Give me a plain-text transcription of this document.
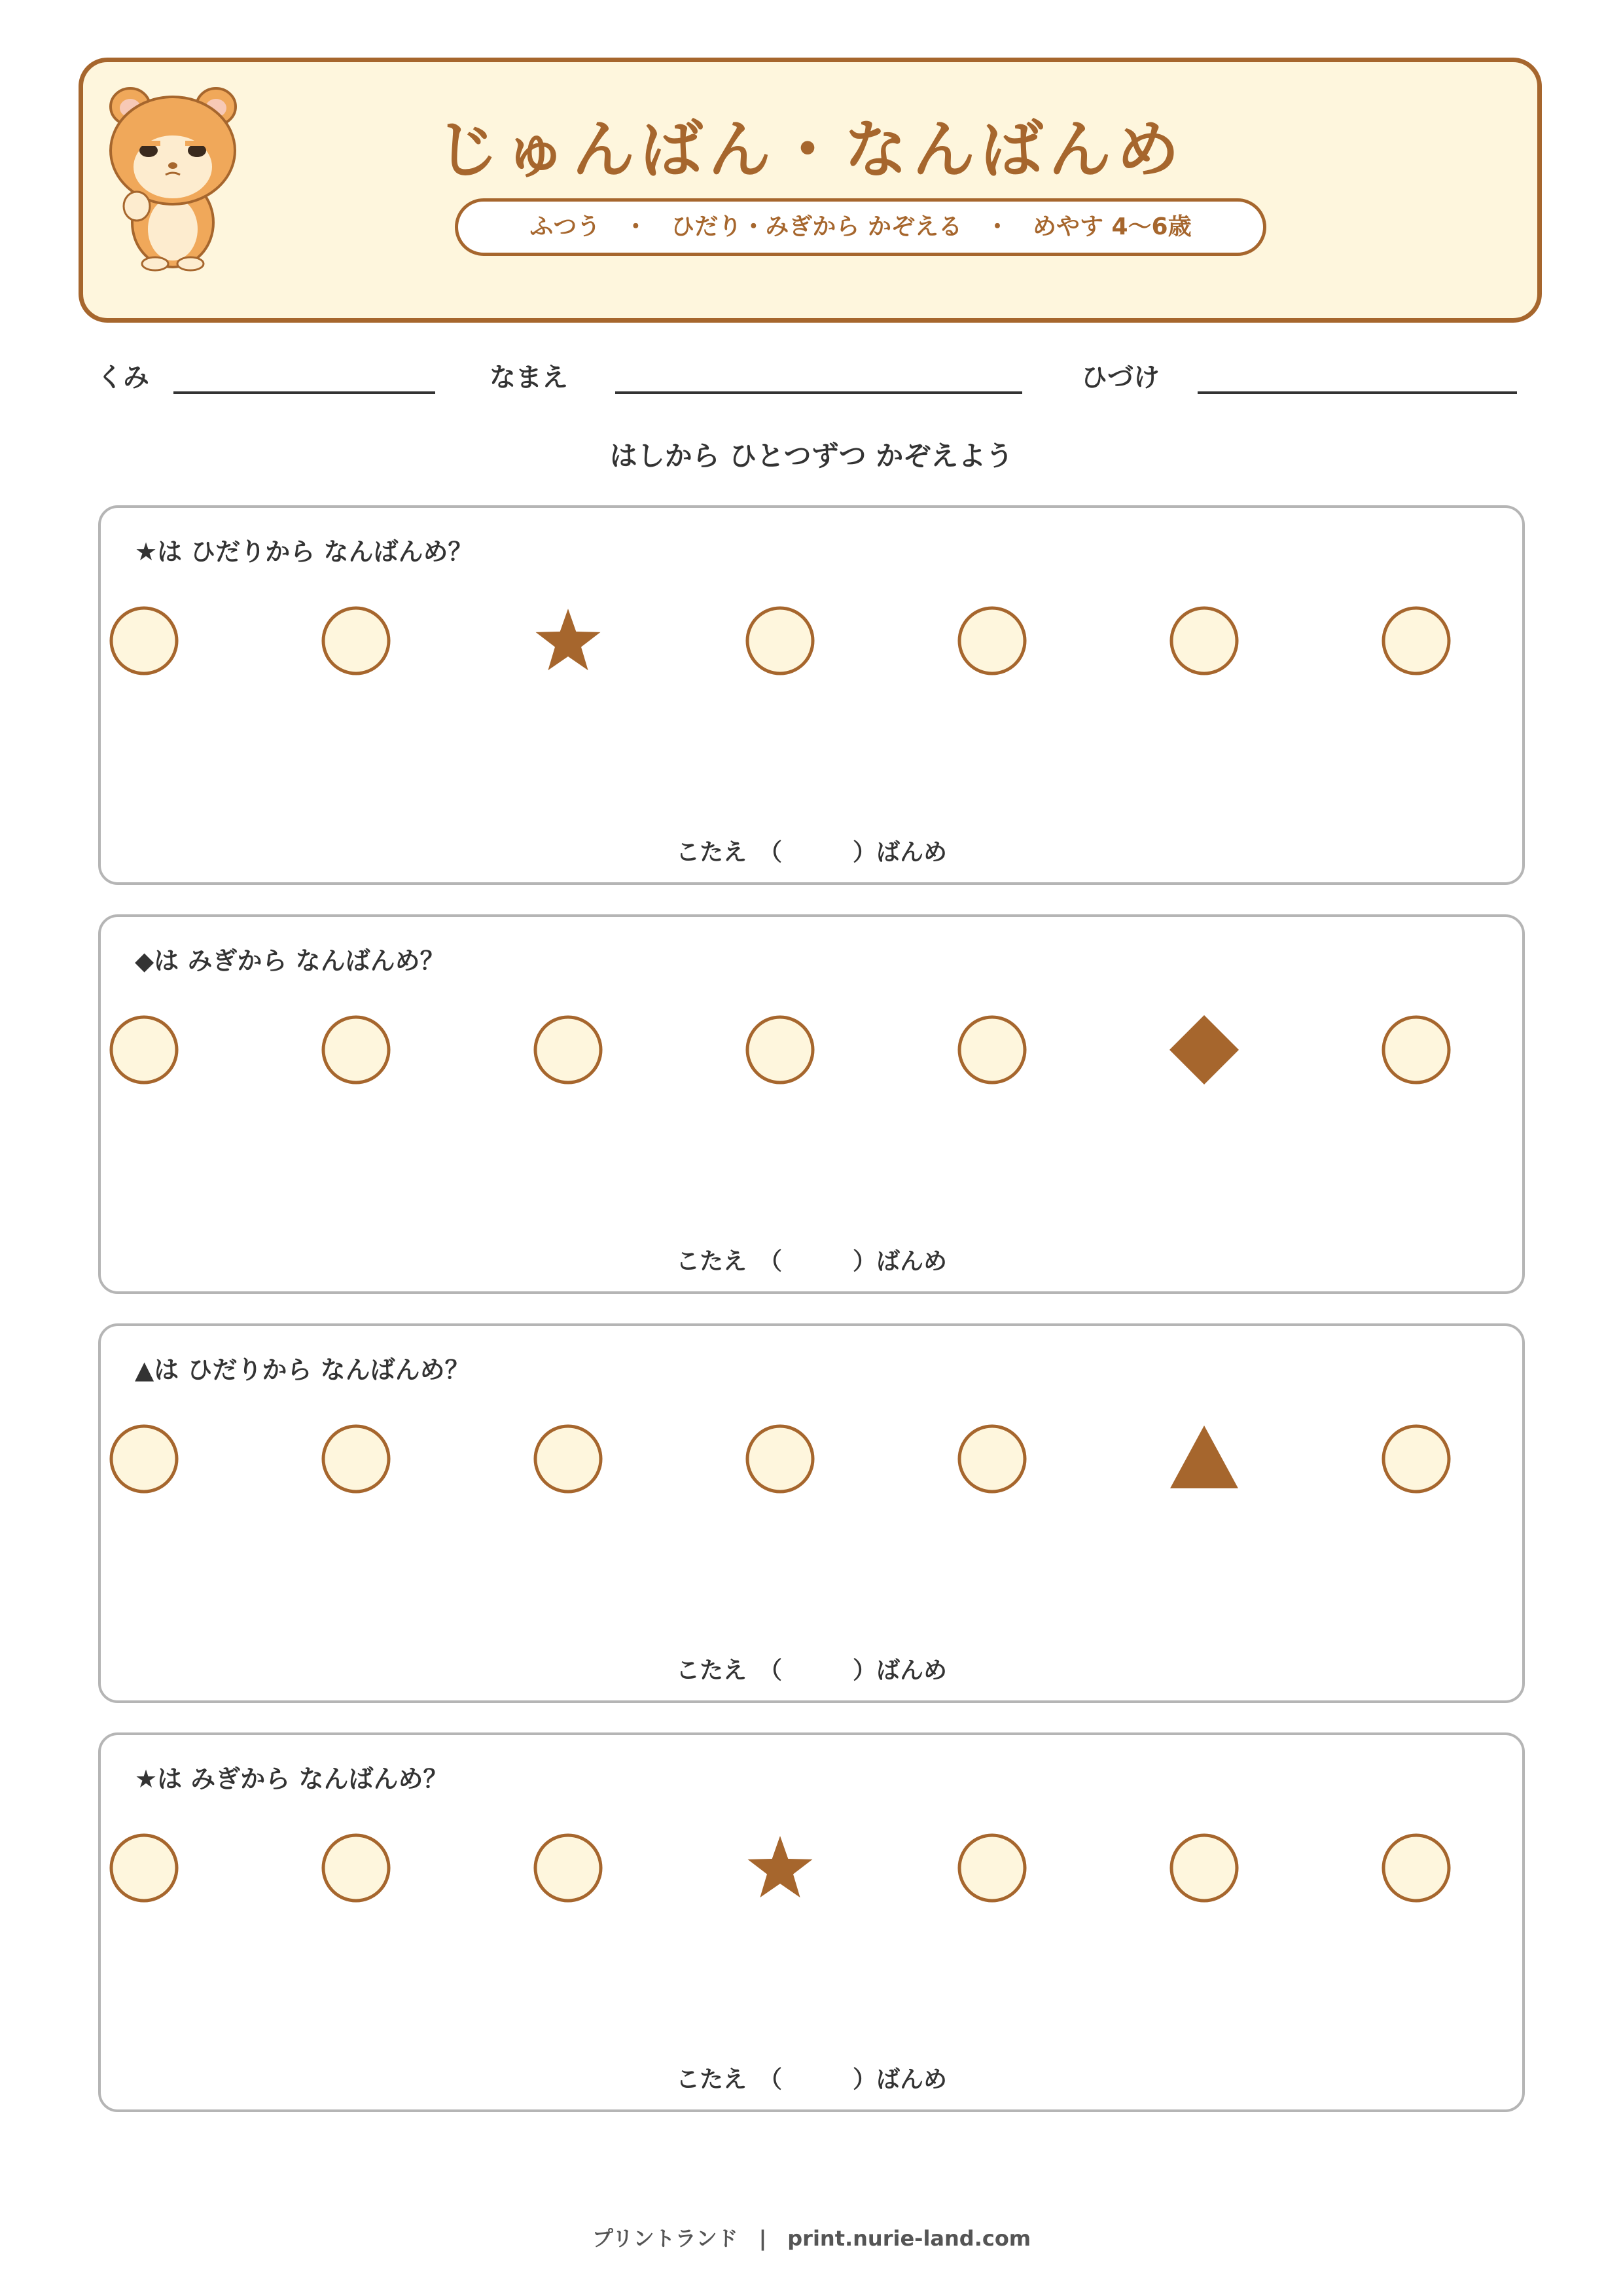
じゅんばん・なんばんめ
ふつう　・　ひだり・みぎから かぞえる　・　めやす 4〜6歳
くみ	なまえ	ひづけ
はしから ひとつずつ かぞえよう
★は ひだりから なんばんめ？
こたえ　（　　　）ばんめ
◆は みぎから なんばんめ？
こたえ　（　　　）ばんめ
▲は ひだりから なんばんめ？
こたえ　（　　　）ばんめ
★は みぎから なんばんめ？
こたえ　（　　　）ばんめ
プリントランド　|　print.nurie-land.com
